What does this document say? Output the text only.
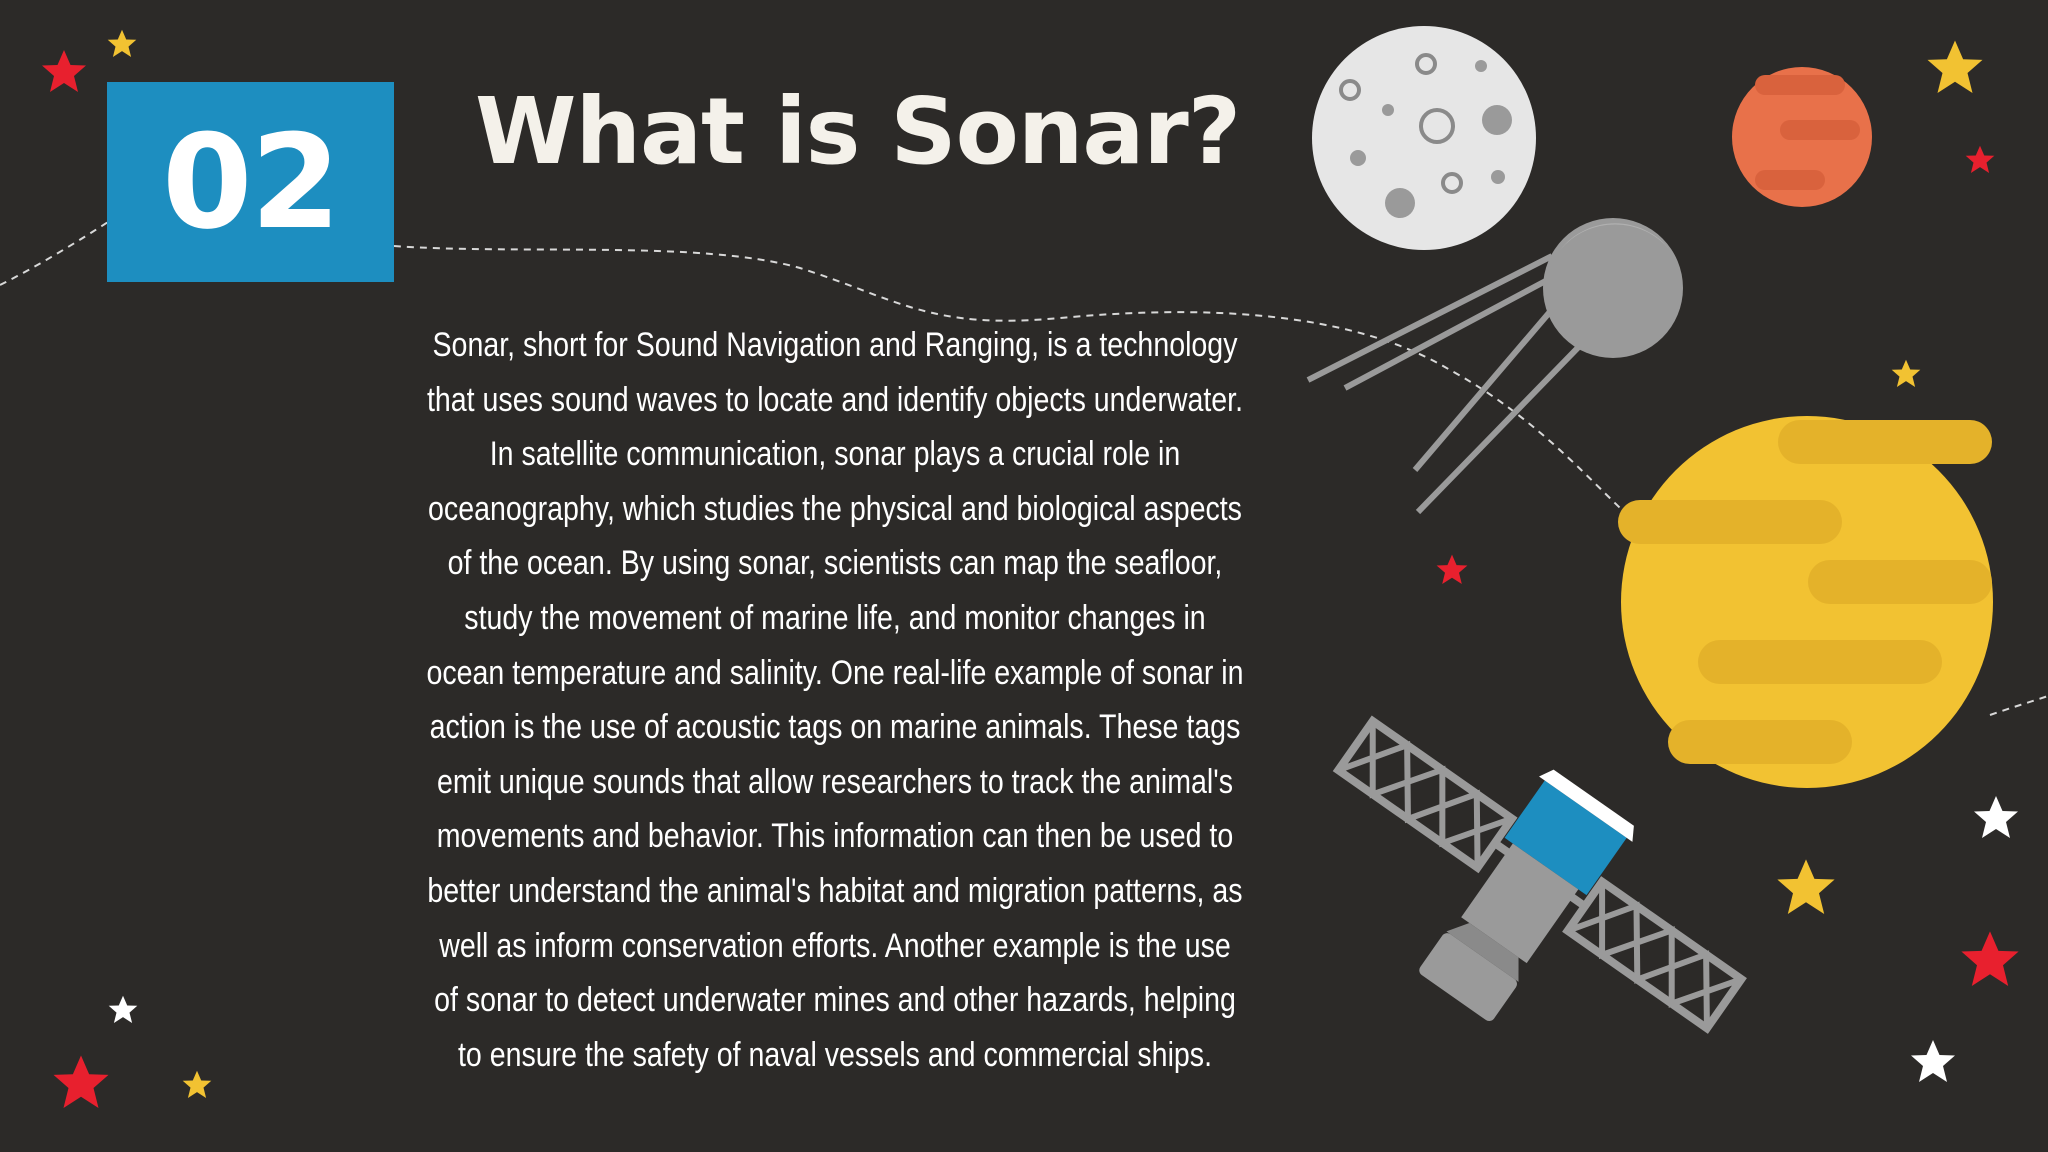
02 What is Sonar?
Sonar, short for Sound Navigation and Ranging, is a technology that uses sound waves to locate and identify objects underwater. In satellite communication, sonar plays a crucial role in oceanography, which studies the physical and biological aspects of the ocean. By using sonar, scientists can map the seafloor, study the movement of marine life, and monitor changes in ocean temperature and salinity. One real-life example of sonar in action is the use of acoustic tags on marine animals. These tags emit unique sounds that allow researchers to track the animal's movements and behavior. This information can then be used to better understand the animal's habitat and migration patterns, as well as inform conservation efforts. Another example is the use of sonar to detect underwater mines and other hazards, helping to ensure the safety of naval vessels and commercial ships.
